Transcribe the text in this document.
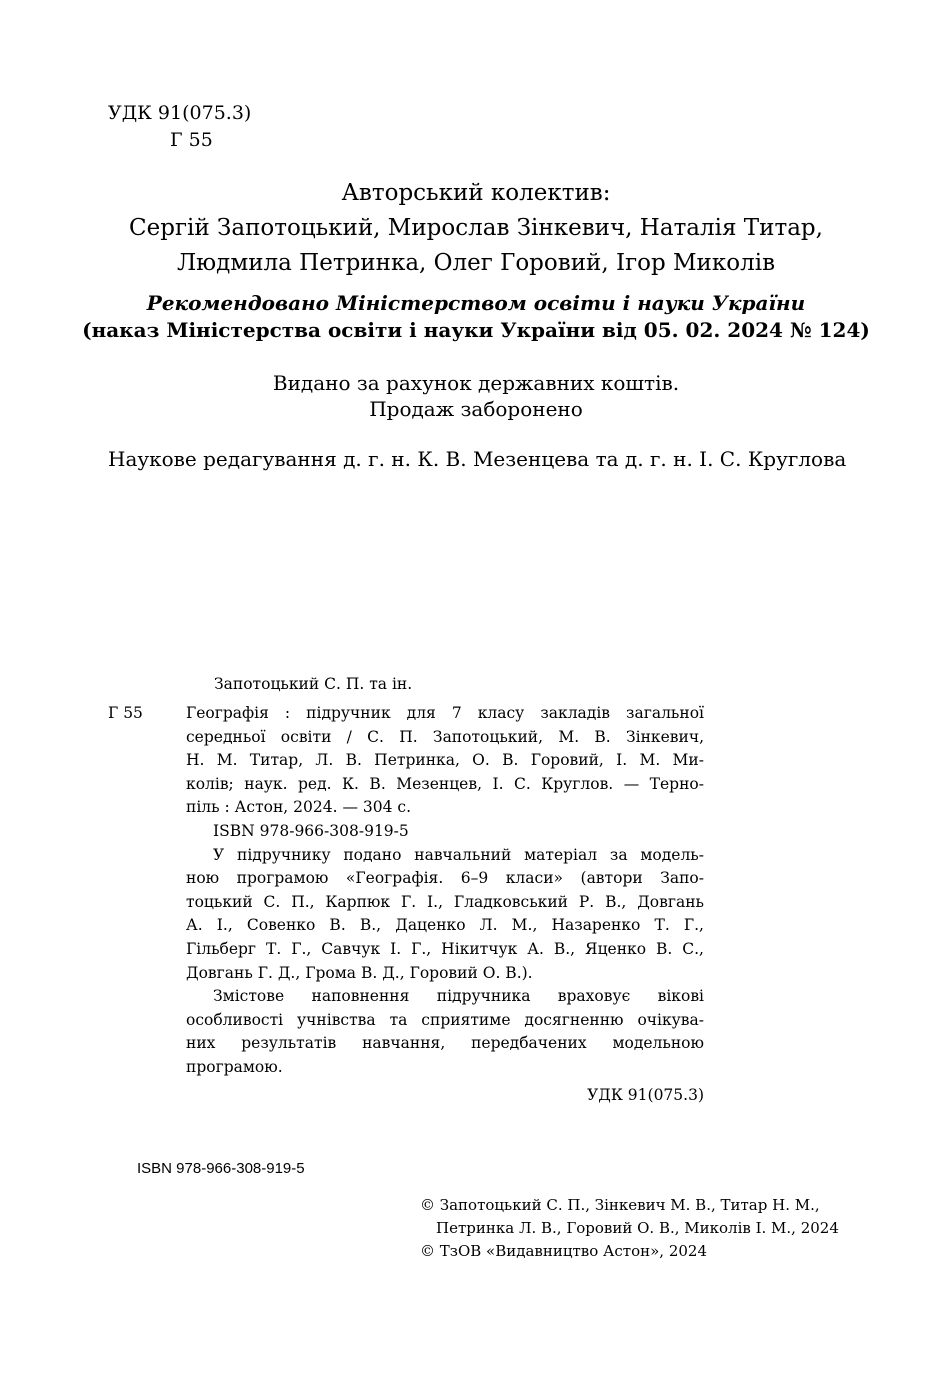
УДК 91(075.3)
Г 55
Авторський колектив:
Сергій Запотоцький, Мирослав Зінкевич, Наталія Титар,
Людмила Петринка, Олег Горовий, Ігор Миколів
Рекомендовано Міністерством освіти і науки України
(наказ Міністерства освіти і науки України від 05. 02. 2024 № 124)
Видано за рахунок державних коштів.
Продаж заборонено
Наукове редагування д. г. н. К. В. Мезенцева та д. г. н. І. С. Круглова
Запотоцький С. П. та ін.
Г 55	Географія : підручник для 7 класу закладів загальної

середньої освіти / С. П. Запотоцький, М. В. Зінкевич,

Н. М. Титар, Л. В. Петринка, О. В. Горовий, І. М. Ми-

колів; наук. ред. К. В. Мезенцев, І. С. Круглов. — Терно-

піль : Астон, 2024. — 304 с.

ISBN 978-966-308-919-5

У підручнику подано навчальний матеріал за модель-

ною програмою «Географія. 6–9 класи» (автори Запо-

тоцький С. П., Карпюк Г. І., Гладковський Р. В., Довгань

А. І., Совенко В. В., Даценко Л. М., Назаренко Т. Г.,

Гільберг Т. Г., Савчук І. Г., Нікитчук А. В., Яценко В. С.,

Довгань Г. Д., Грома В. Д., Горовий О. В.).

Змістове наповнення підручника враховує вікові

особливості учнівства та сприятиме досягненню очікува-

них результатів навчання, передбачених модельною

програмою.

УДК 91(075.3)

ISBN 978-966-308-919-5
© Запотоцький С. П., Зінкевич М. В., Титар Н. М.,
Петринка Л. В., Горовий О. В., Миколів І. М., 2024
© ТзОВ «Видавництво Астон», 2024
